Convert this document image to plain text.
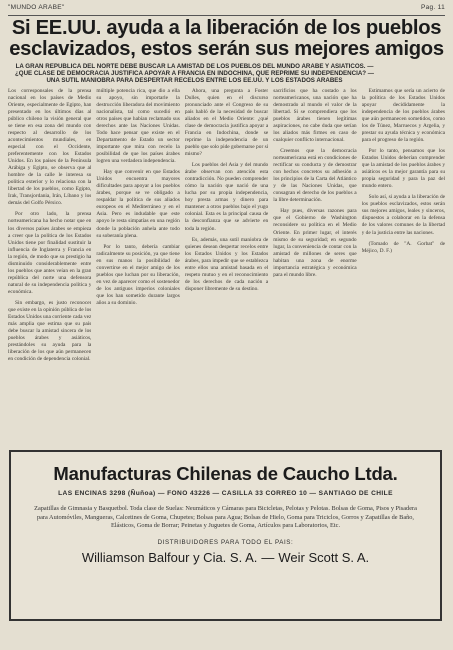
"MUNDO ARABE"	Pag. 11
Si EE.UU. ayuda a la liberación de los pueblos
esclavizados, estos serán sus mejores amigos
LA GRAN REPUBLICA DEL NORTE DEBE BUSCAR LA AMISTAD DE LOS PUEBLOS DEL MUNDO ARABE Y ASIATICOS. — ¿QUE CLASE DE DEMOCRACIA JUSTIFICA APOYAR A FRANCIA EN INDOCHINA, QUE REPRIME SU INDEPENDENCIA? — UNA SUTIL MANIOBRA PARA DESPERTAR RECELOS ENTRE LOS EE.UU. Y LOS ESTADOS ARABES

Los corresponsales de la prensa nacional en los países de Medio Oriente, especialmente de Egipto, han presentado en los últimos días al público chileno la visión general que se tiene en esa zona del mundo con respecto al desarrollo de los acontecimientos mundiales, en especial con el Occidente, preferentemente con los Estados Unidos. En los países de la Península Arábiga y Egipto, se observa que al hombre de la calle le interesa su política exterior y lo relaciona con la libertad de los pueblos, como Egipto, Irak, Transjordania, Irán, Líbano y los demás del Golfo Pérsico.

Por otro lado, la prensa norteamericana ha hecho notar que en los diversos países árabes se empieza a creer que la política de los Estados Unidos tiene por finalidad sustituir la influencia de Inglaterra y Francia en la región, de modo que su prestigio ha disminuido considerablemente entre los pueblos que antes veían en la gran república del norte una defensora natural de su independencia política y económica.

Sin embargo, es justo reconocer que existe en la opinión pública de los Estados Unidos una corriente cada vez más amplia que estima que su país debe buscar la amistad sincera de los pueblos árabes y asiáticos, prestándoles su ayuda para la liberación de los que aún permanecen en condición de dependencia colonial.

múltiple potencia rica, que dio a ella su apoyo, sin importarle la destrucción liberadora del movimiento nacionalista, tal como sucedió en otros países que habían reclamado sus derechos ante las Naciones Unidas. Todo hace pensar que existe en el Departamento de Estado un sector importante que mira con recelo la posibilidad de que los países árabes logren una verdadera independencia.

Hay que convenir en que Estados Unidos encuentra mayores dificultades para apoyar a los pueblos árabes, porque se ve obligado a respaldar la política de sus aliados europeos en el Mediterráneo y en el Asia. Pero es indudable que este apoyo le resta simpatías en una región donde la población anhela ante todo su soberanía plena.

Por lo tanto, debería cambiar radicalmente su posición, ya que tiene en sus manos la posibilidad de convertirse en el mejor amigo de los pueblos que luchan por su liberación, en vez de aparecer como el sostenedor de los antiguos imperios coloniales que los han sometido durante largos años a su dominio.

Ahora, una pregunta a Foster Dulles, quien en el discurso pronunciado ante el Congreso de su país habló de la necesidad de buscar aliados en el Medio Oriente: ¿qué clase de democracia justifica apoyar a Francia en Indochina, donde se reprime la independencia de un pueblo que solo pide gobernarse por sí mismo?

Los pueblos del Asia y del mundo árabe observan con atención esta contradicción. No pueden comprender cómo la nación que nació de una lucha por su propia independencia, hoy presta armas y dinero para mantener a otros pueblos bajo el yugo colonial. Esta es la principal causa de la desconfianza que se advierte en toda la región.

Es, además, una sutil maniobra de quienes desean despertar recelos entre los Estados Unidos y los Estados árabes, para impedir que se establezca entre ellos una amistad basada en el respeto mutuo y en el reconocimiento de los derechos de cada nación a disponer libremente de su destino.

sacrificios que ha costado a los norteamericanos, una nación que ha demostrado al mundo el valor de la libertad. Si se comprendiera que los pueblos árabes tienen legítimas aspiraciones, no cabe duda que serían los aliados más firmes en caso de cualquier conflicto internacional.

Creemos que la democracia norteamericana está en condiciones de rectificar su conducta y de demostrar con hechos concretos su adhesión a los principios de la Carta del Atlántico y de las Naciones Unidas, que consagran el derecho de los pueblos a la libre determinación.

Hay pues, diversas razones para que el Gobierno de Washington reconsidere su política en el Medio Oriente. En primer lugar, el interés mismo de su seguridad; en segundo lugar, la conveniencia de contar con la amistad de millones de seres que habitan una zona de enorme importancia estratégica y económica para el mundo libre.

Estimamos que sería un acierto de la política de los Estados Unidos apoyar decididamente la independencia de los pueblos árabes que aún permanecen sometidos, como los de Túnez, Marruecos y Argelia, y prestar su ayuda técnica y económica para el progreso de la región.

Por lo tanto, pensamos que los Estados Unidos deberían comprender que la amistad de los pueblos árabes y asiáticos es la mejor garantía para su propia seguridad y para la paz del mundo entero.

Solo así, si ayuda a la liberación de los pueblos esclavizados, estos serán sus mejores amigos, leales y sinceros, dispuestos a colaborar en la defensa de los valores comunes de la libertad y de la justicia entre las naciones.

(Tomado de "A. Gorbat" de Méjico, D. F.)

Manufacturas Chilenas de Caucho Ltda.
LAS ENCINAS 3298 (Ñuñoa) — FONO 43226 — CASILLA 33 CORREO 10 — SANTIAGO DE CHILE
Zapatillas de Gimnasia y Basquetbol. Toda clase de Suelas: Neumáticos y Cámaras para Bicicletas, Pelotas y Pelotas. Bolsas de Goma, Pisos y Pisadera para Automóviles, Mangueras, Calcetines de Goma, Chupetes; Bolsas para Agua; Bolsas de Hielo, Goma para Triciclos, Gorros y Zapatillas de Baño, Elásticos, Goma de Borrar; Peinetas y Juguetes de Goma, Artículos para Laboratorios, Etc.
DISTRIBUIDORES PARA TODO EL PAIS:
Williamson Balfour y Cia. S. A. — Weir Scott S. A.
